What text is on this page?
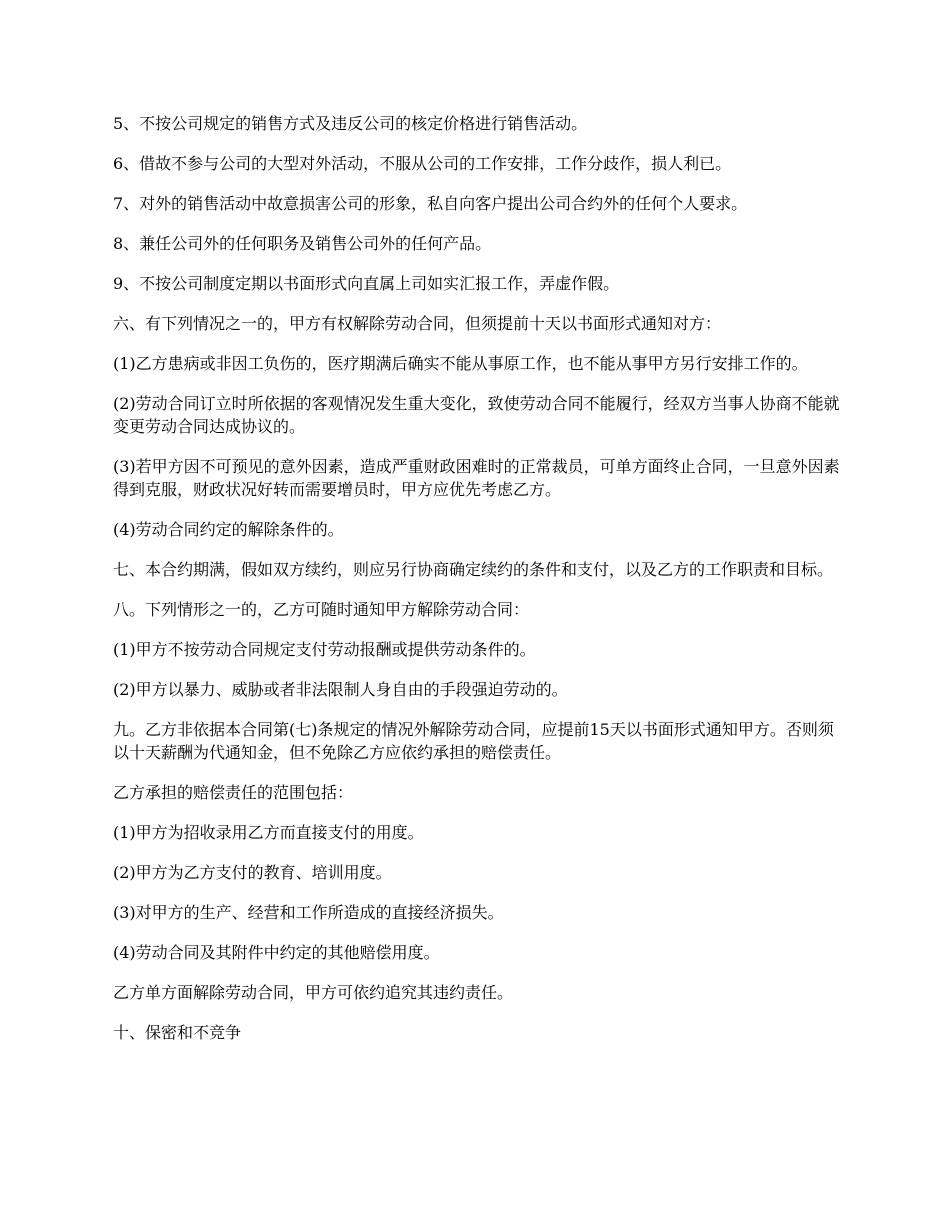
5、不按公司规定的销售方式及违反公司的核定价格进行销售活动。

6、借故不参与公司的大型对外活动，不服从公司的工作安排，工作分歧作，损人利已。

7、对外的销售活动中故意损害公司的形象，私自向客户提出公司合约外的任何个人要求。

8、兼任公司外的任何职务及销售公司外的任何产品。

9、不按公司制度定期以书面形式向直属上司如实汇报工作，弄虚作假。

六、有下列情况之一的，甲方有权解除劳动合同，但须提前十天以书面形式通知对方：

(1)乙方患病或非因工负伤的，医疗期满后确实不能从事原工作，也不能从事甲方另行安排工作的。

(2)劳动合同订立时所依据的客观情况发生重大变化，致使劳动合同不能履行，经双方当事人协商不能就变更劳动合同达成协议的。

(3)若甲方因不可预见的意外因素，造成严重财政困难时的正常裁员，可单方面终止合同，一旦意外因素得到克服，财政状况好转而需要增员时，甲方应优先考虑乙方。

(4)劳动合同约定的解除条件的。

七、本合约期满，假如双方续约，则应另行协商确定续约的条件和支付，以及乙方的工作职责和目标。

八。下列情形之一的，乙方可随时通知甲方解除劳动合同：

(1)甲方不按劳动合同规定支付劳动报酬或提供劳动条件的。

(2)甲方以暴力、威胁或者非法限制人身自由的手段强迫劳动的。

九。乙方非依据本合同第(七)条规定的情况外解除劳动合同，应提前15天以书面形式通知甲方。否则须以十天薪酬为代通知金，但不免除乙方应依约承担的赔偿责任。

乙方承担的赔偿责任的范围包括：

(1)甲方为招收录用乙方而直接支付的用度。

(2)甲方为乙方支付的教育、培训用度。

(3)对甲方的生产、经营和工作所造成的直接经济损失。

(4)劳动合同及其附件中约定的其他赔偿用度。

乙方单方面解除劳动合同，甲方可依约追究其违约责任。

十、保密和不竞争
